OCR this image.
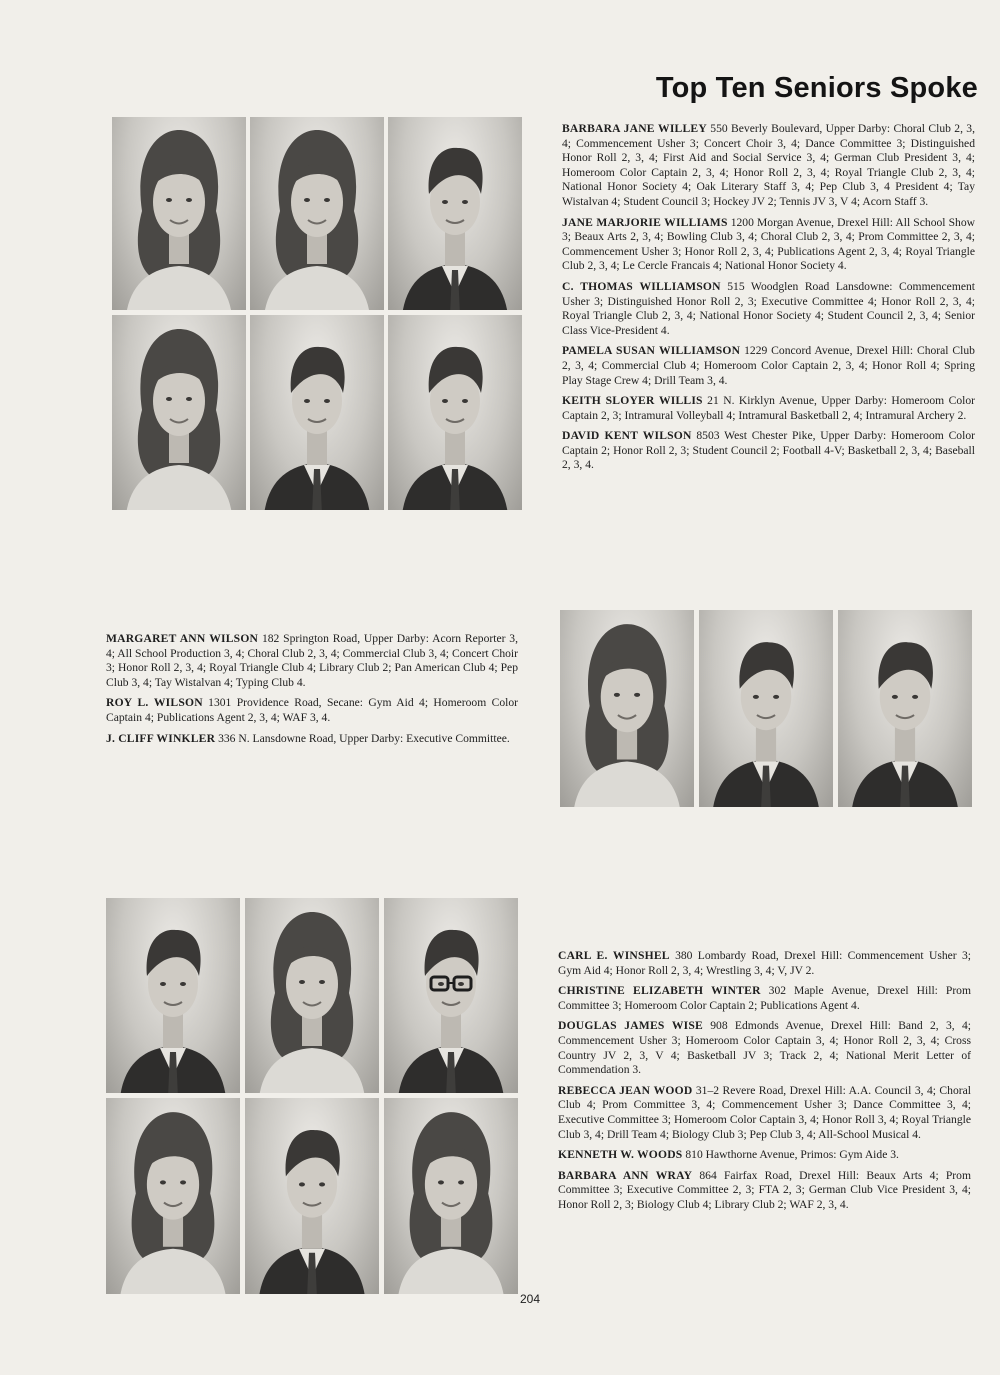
Top Ten Seniors Spoke

BARBARA JANE WILLEY 550 Beverly Boulevard, Upper Darby: Choral Club 2, 3, 4; Commencement Usher 3; Concert Choir 3, 4; Dance Committee 3; Distinguished Honor Roll 2, 3, 4; First Aid and Social Service 3, 4; German Club President 3, 4; Homeroom Color Captain 2, 3, 4; Honor Roll 2, 3, 4; Royal Triangle Club 2, 3, 4; National Honor Society 4; Oak Literary Staff 3, 4; Pep Club 3, 4 President 4; Tay Wistalvan 4; Student Council 3; Hockey JV 2; Tennis JV 3, V 4; Acorn Staff 3.

JANE MARJORIE WILLIAMS 1200 Morgan Avenue, Drexel Hill: All School Show 3; Beaux Arts 2, 3, 4; Bowling Club 3, 4; Choral Club 2, 3, 4; Prom Committee 2, 3, 4; Commencement Usher 3; Honor Roll 2, 3, 4; Publications Agent 2, 3, 4; Royal Triangle Club 2, 3, 4; Le Cercle Francais 4; National Honor Society 4.

C. THOMAS WILLIAMSON 515 Woodglen Road Lansdowne: Commencement Usher 3; Distinguished Honor Roll 2, 3; Executive Committee 4; Honor Roll 2, 3, 4; Royal Triangle Club 2, 3, 4; National Honor Society 4; Student Council 2, 3, 4; Senior Class Vice-President 4.

PAMELA SUSAN WILLIAMSON 1229 Concord Avenue, Drexel Hill: Choral Club 2, 3, 4; Commercial Club 4; Homeroom Color Captain 2, 3, 4; Honor Roll 4; Spring Play Stage Crew 4; Drill Team 3, 4.

KEITH SLOYER WILLIS 21 N. Kirklyn Avenue, Upper Darby: Homeroom Color Captain 2, 3; Intramural Volleyball 4; Intramural Basketball 2, 4; Intramural Archery 2.

DAVID KENT WILSON 8503 West Chester Pike, Upper Darby: Homeroom Color Captain 2; Honor Roll 2, 3; Student Council 2; Football 4-V; Basketball 2, 3, 4; Baseball 2, 3, 4.

MARGARET ANN WILSON 182 Springton Road, Upper Darby: Acorn Reporter 3, 4; All School Production 3, 4; Choral Club 2, 3, 4; Commercial Club 3, 4; Concert Choir 3; Honor Roll 2, 3, 4; Royal Triangle Club 4; Library Club 2; Pan American Club 4; Pep Club 3, 4; Tay Wistalvan 4; Typing Club 4.

ROY L. WILSON 1301 Providence Road, Secane: Gym Aid 4; Homeroom Color Captain 4; Publications Agent 2, 3, 4; WAF 3, 4.

J. CLIFF WINKLER 336 N. Lansdowne Road, Upper Darby: Executive Committee.

CARL E. WINSHEL 380 Lombardy Road, Drexel Hill: Commencement Usher 3; Gym Aid 4; Honor Roll 2, 3, 4; Wrestling 3, 4; V, JV 2.

CHRISTINE ELIZABETH WINTER 302 Maple Avenue, Drexel Hill: Prom Committee 3; Homeroom Color Captain 2; Publications Agent 4.

DOUGLAS JAMES WISE 908 Edmonds Avenue, Drexel Hill: Band 2, 3, 4; Commencement Usher 3; Homeroom Color Captain 3, 4; Honor Roll 2, 3, 4; Cross Country JV 2, 3, V 4; Basketball JV 3; Track 2, 4; National Merit Letter of Commendation 3.

REBECCA JEAN WOOD 31–2 Revere Road, Drexel Hill: A.A. Council 3, 4; Choral Club 4; Prom Committee 3, 4; Commencement Usher 3; Dance Committee 3, 4; Executive Committee 3; Homeroom Color Captain 3, 4; Honor Roll 3, 4; Royal Triangle Club 3, 4; Drill Team 4; Biology Club 3; Pep Club 3, 4; All-School Musical 4.

KENNETH W. WOODS 810 Hawthorne Avenue, Primos: Gym Aide 3.

BARBARA ANN WRAY 864 Fairfax Road, Drexel Hill: Beaux Arts 4; Prom Committee 3; Executive Committee 2, 3; FTA 2, 3; German Club Vice President 3, 4; Honor Roll 2, 3; Biology Club 4; Library Club 2; WAF 2, 3, 4.

204
